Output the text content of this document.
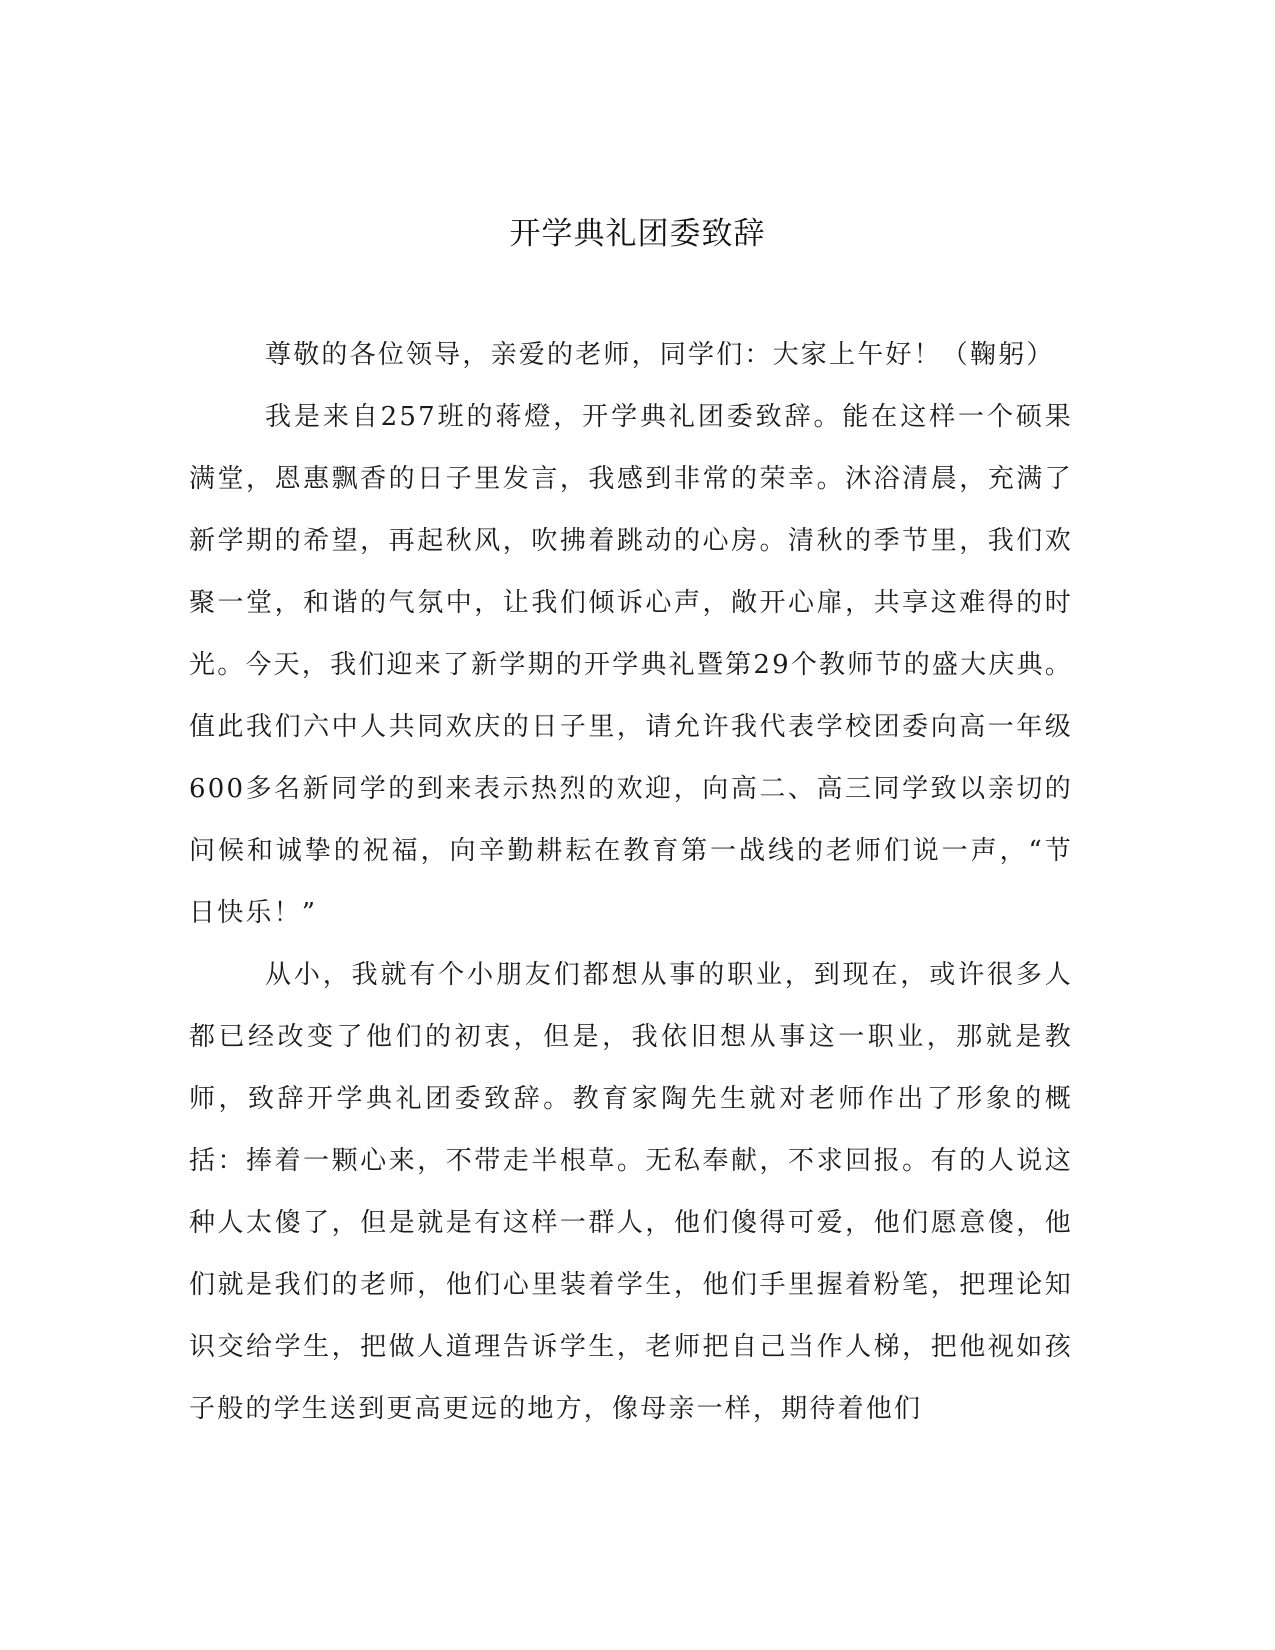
开学典礼团委致辞

尊敬的各位领导，亲爱的老师，同学们：大家上午好！（鞠躬）

我是来自257班的蒋燈，开学典礼团委致辞。能在这样一个硕果满堂，恩惠飘香的日子里发言，我感到非常的荣幸。沐浴清晨，充满了新学期的希望，再起秋风，吹拂着跳动的心房。清秋的季节里，我们欢聚一堂，和谐的气氛中，让我们倾诉心声，敞开心扉，共享这难得的时光。今天，我们迎来了新学期的开学典礼暨第29个教师节的盛大庆典。值此我们六中人共同欢庆的日子里，请允许我代表学校团委向高一年级600多名新同学的到来表示热烈的欢迎，向高二、高三同学致以亲切的问候和诚挚的祝福，向辛勤耕耘在教育第一战线的老师们说一声，“节日快乐！”

从小，我就有个小朋友们都想从事的职业，到现在，或许很多人都已经改变了他们的初衷，但是，我依旧想从事这一职业，那就是教师，致辞开学典礼团委致辞。教育家陶先生就对老师作出了形象的概括：捧着一颗心来，不带走半根草。无私奉献，不求回报。有的人说这种人太傻了，但是就是有这样一群人，他们傻得可爱，他们愿意傻，他们就是我们的老师，他们心里装着学生，他们手里握着粉笔，把理论知识交给学生，把做人道理告诉学生，老师把自己当作人梯，把他视如孩子般的学生送到更高更远的地方，像母亲一样，期待着他们
